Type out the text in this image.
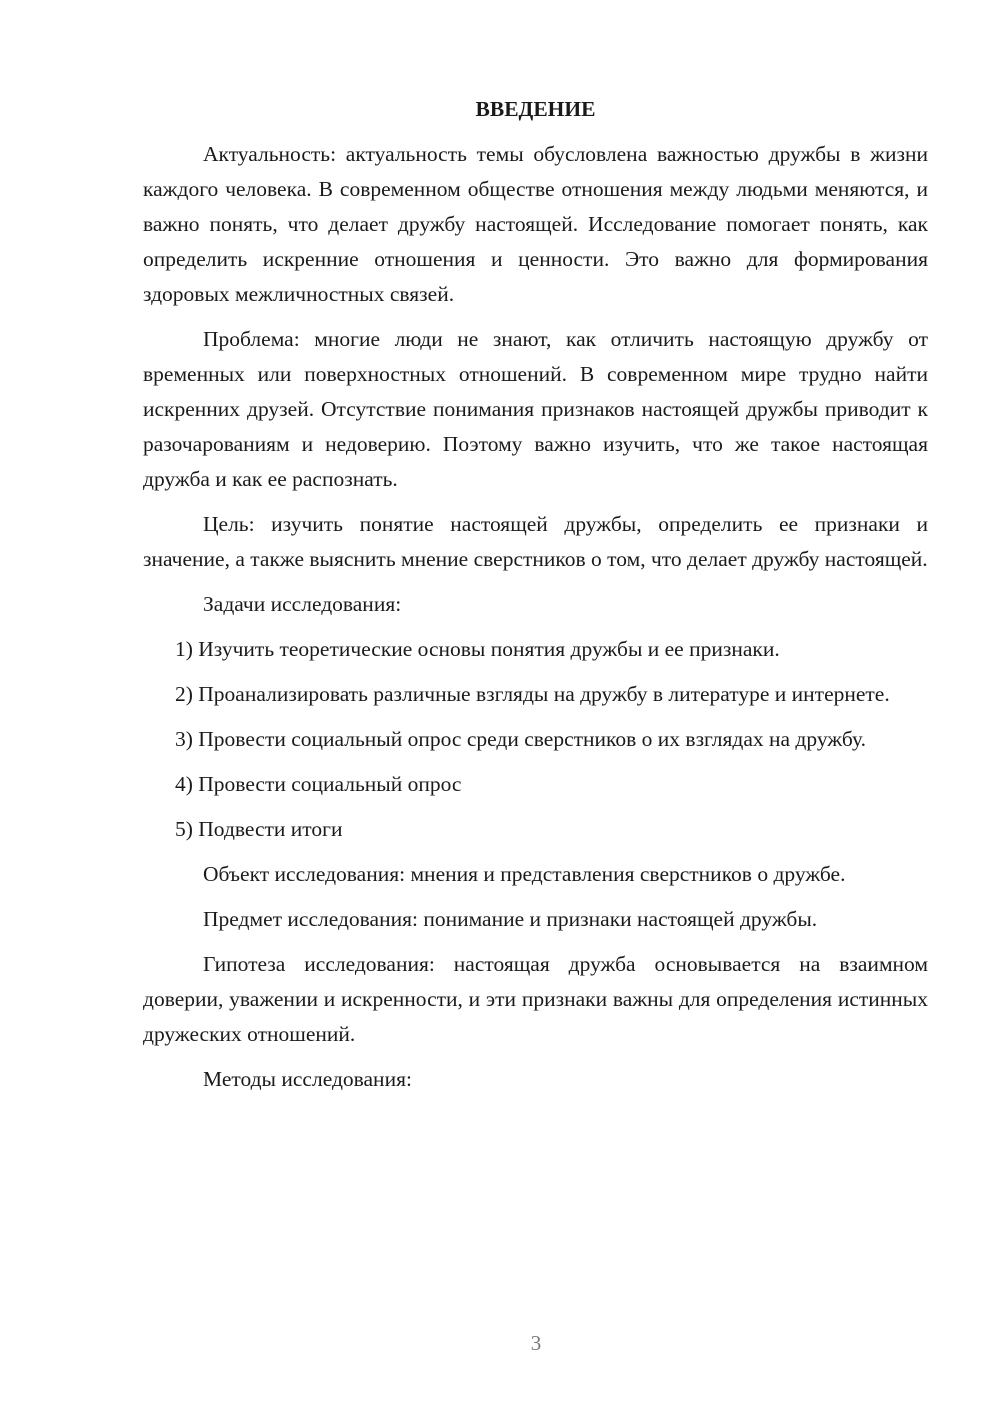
ВВЕДЕНИЕ

Актуальность: актуальность темы обусловлена важностью дружбы в жизни каждого человека. В современном обществе отношения между людьми меняются, и важно понять, что делает дружбу настоящей. Исследование помогает понять, как определить искренние отношения и ценности. Это важно для формирования здоровых межличностных связей.

Проблема: многие люди не знают, как отличить настоящую дружбу от временных или поверхностных отношений. В современном мире трудно найти искренних друзей. Отсутствие понимания признаков настоящей дружбы приводит к разочарованиям и недоверию. Поэтому важно изучить, что же такое настоящая дружба и как ее распознать.

Цель: изучить понятие настоящей дружбы, определить ее признаки и значение, а также выяснить мнение сверстников о том, что делает дружбу настоящей.

Задачи исследования:

1) Изучить теоретические основы понятия дружбы и ее признаки.

2) Проанализировать различные взгляды на дружбу в литературе и интернете.

3) Провести социальный опрос среди сверстников о их взглядах на дружбу.

4) Провести социальный опрос

5) Подвести итоги

Объект исследования: мнения и представления сверстников о дружбе.

Предмет исследования: понимание и признаки настоящей дружбы.

Гипотеза исследования: настоящая дружба основывается на взаимном доверии, уважении и искренности, и эти признаки важны для определения истинных дружеских отношений.

Методы исследования:

3
